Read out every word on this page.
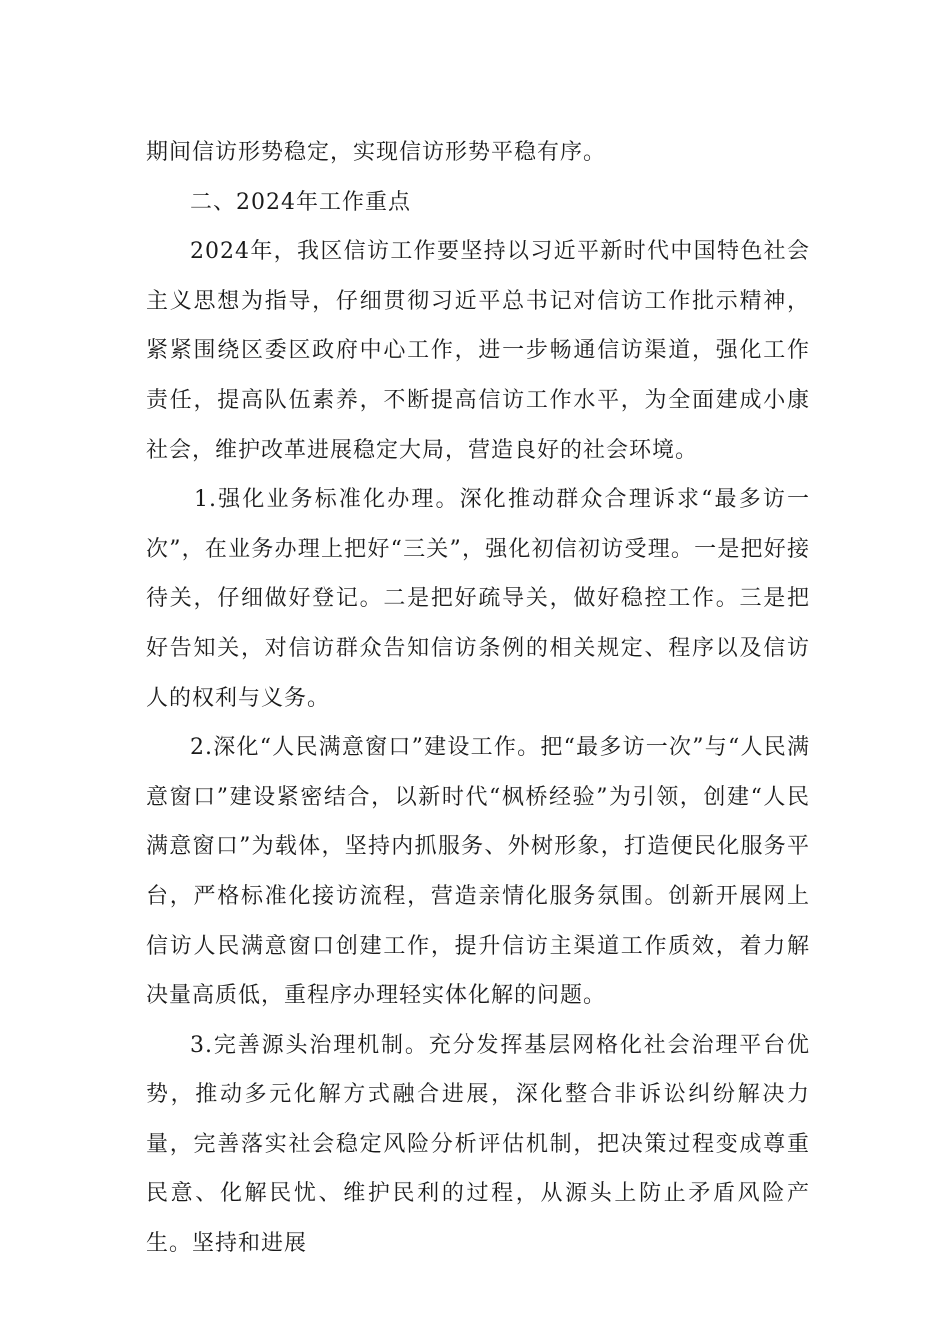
期间信访形势稳定，实现信访形势平稳有序。

二、2024年工作重点

2024年，我区信访工作要坚持以习近平新时代中国特色社会主义思想为指导，仔细贯彻习近平总书记对信访工作批示精神，紧紧围绕区委区政府中心工作，进一步畅通信访渠道，强化工作责任，提高队伍素养，不断提高信访工作水平，为全面建成小康社会，维护改革进展稳定大局，营造良好的社会环境。

1.强化业务标准化办理。深化推动群众合理诉求“最多访一次”，在业务办理上把好“三关”，强化初信初访受理。一是把好接待关，仔细做好登记。二是把好疏导关，做好稳控工作。三是把好告知关，对信访群众告知信访条例的相关规定、程序以及信访人的权利与义务。

2.深化“人民满意窗口”建设工作。把“最多访一次”与“人民满意窗口”建设紧密结合，以新时代“枫桥经验”为引领，创建“人民满意窗口”为载体，坚持内抓服务、外树形象，打造便民化服务平台，严格标准化接访流程，营造亲情化服务氛围。创新开展网上信访人民满意窗口创建工作，提升信访主渠道工作质效，着力解决量高质低，重程序办理轻实体化解的问题。

3.完善源头治理机制。充分发挥基层网格化社会治理平台优势，推动多元化解方式融合进展，深化整合非诉讼纠纷解决力量，完善落实社会稳定风险分析评估机制，把决策过程变成尊重民意、化解民忧、维护民利的过程，从源头上防止矛盾风险产生。坚持和进展
